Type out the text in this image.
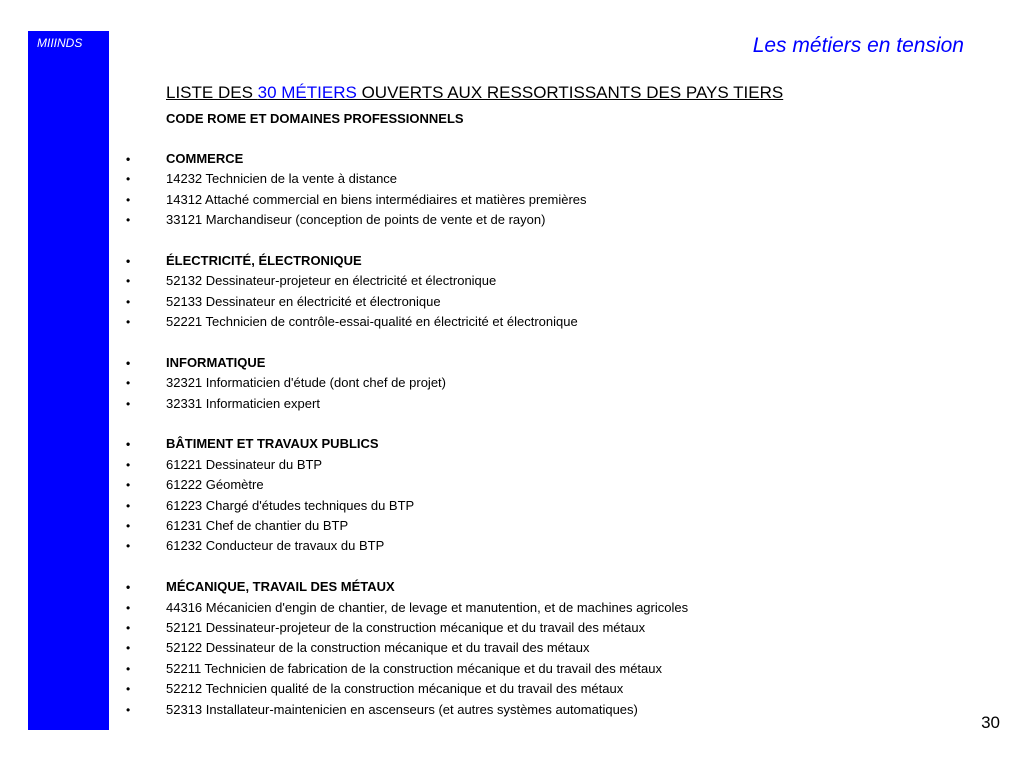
MIIINDS	Les métiers en tension
LISTE DES 30 MÉTIERS OUVERTS AUX RESSORTISSANTS DES PAYS TIERS
CODE ROME ET DOMAINES PROFESSIONNELS
•	COMMERCE
•	14232 Technicien de la vente à distance
•	14312 Attaché commercial en biens intermédiaires et matières premières
•	33121 Marchandiseur (conception de points de vente et de rayon)
•	ÉLECTRICITÉ, ÉLECTRONIQUE
•	52132 Dessinateur-projeteur en électricité et électronique
•	52133 Dessinateur en électricité et électronique
•	52221 Technicien de contrôle-essai-qualité en électricité et électronique
•	INFORMATIQUE
•	32321 Informaticien d'étude (dont chef de projet)
•	32331 Informaticien expert
•	BÂTIMENT ET TRAVAUX PUBLICS
•	61221 Dessinateur du BTP
•	61222 Géomètre
•	61223 Chargé d'études techniques du BTP
•	61231 Chef de chantier du BTP
•	61232 Conducteur de travaux du BTP
•	MÉCANIQUE, TRAVAIL DES MÉTAUX
•	44316 Mécanicien d'engin de chantier, de levage et manutention, et de machines agricoles
•	52121 Dessinateur-projeteur de la construction mécanique et du travail des métaux
•	52122 Dessinateur de la construction mécanique et du travail des métaux
•	52211 Technicien de fabrication de la construction mécanique et du travail des métaux
•	52212 Technicien qualité de la construction mécanique et du travail des métaux
•	52313 Installateur-maintenicien en ascenseurs (et autres systèmes automatiques)
30
